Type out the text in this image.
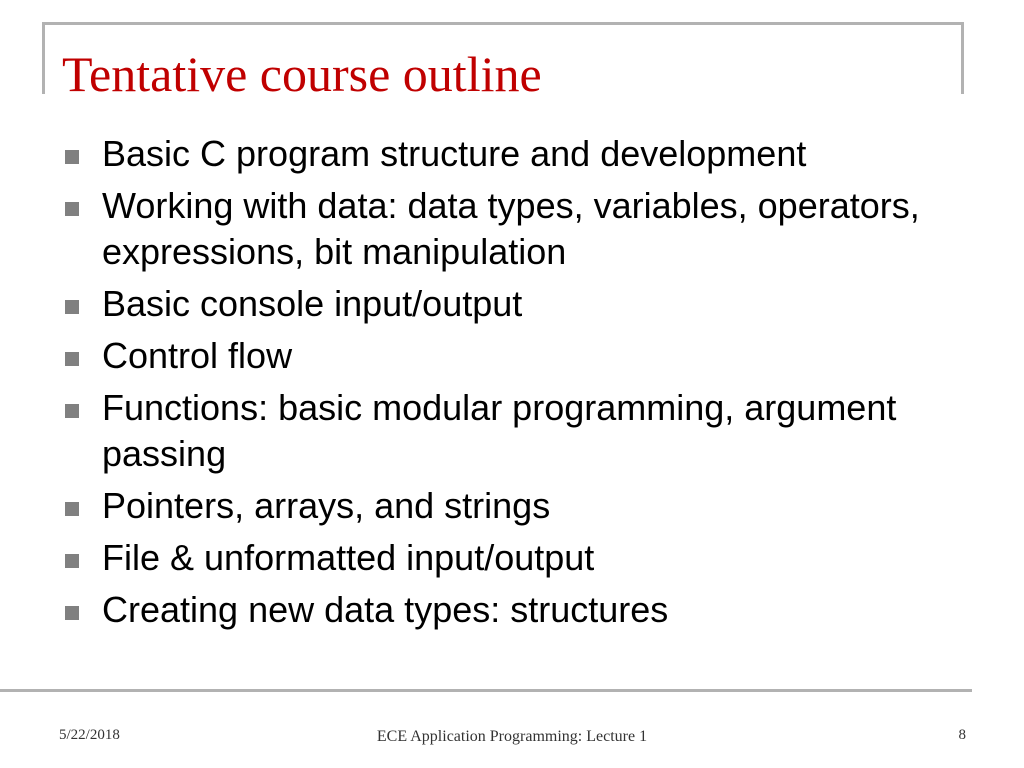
Tentative course outline
Basic C program structure and development
Working with data: data types, variables, operators, expressions, bit manipulation
Basic console input/output
Control flow
Functions: basic modular programming, argument passing
Pointers, arrays, and strings
File & unformatted input/output
Creating new data types: structures
5/22/2018	ECE Application Programming: Lecture 1	8
